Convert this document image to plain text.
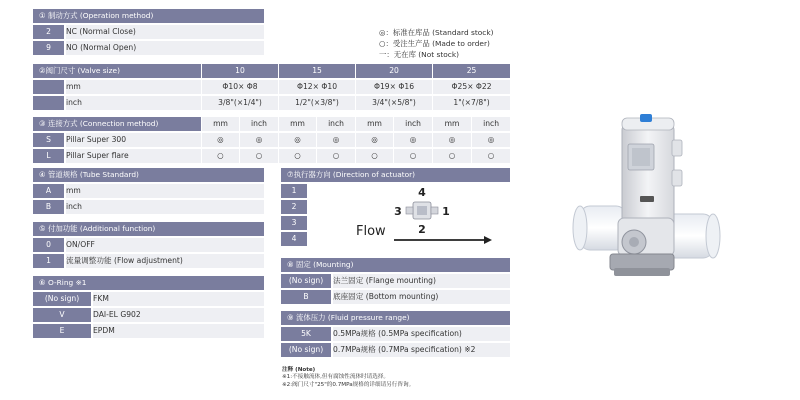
① 制动方式 (Operation method)	
2	NC (Normal Close)
9	NO (Normal Open)
◎：标准在库品 (Standard stock)
○：受注生产品 (Made to order)
一：无在库 (Not stock)
②阀门尺寸 (Valve size)		10		15		20		25	
	mm	Φ10× Φ8		Φ12× Φ10		Φ19× Φ16		Φ25× Φ22	
	inch	3/8"(×1/4")		1/2"(×3/8")		3/4"(×5/8")		1"(×7/8")	

③ 连接方式 (Connection method)		mm	inch	mm	inch	mm	inch	mm	inch
S	Pillar Super 300	◎	◎	◎	◎	◎	◎	◎	◎
L	Pillar Super flare	○	○	○	○	○	○	○	○
④ 管道规格 (Tube Standard)	
A	mm
B	inch
⑤ 付加功能 (Additional function)	
0	ON/OFF
1	流量调整功能 (Flow adjustment)
⑥ O-Ring ※1	
(No sign)	FKM
V	DAI-EL G902
E	EPDM
⑦执行器方向 (Direction of actuator)
1	
2
3
4
4
3	1
2
Flow
⑧ 固定 (Mounting)	
(No sign)	法兰固定 (Flange mounting)
B	底座固定 (Bottom mounting)
⑨ 流体压力 (Fluid pressure range)	
5K	0.5MPa规格 (0.5MPa specification)
(No sign)	0.7MPa规格 (0.7MPa specification) ※2
注释 (Note)
※1:不接触流体,但有腐蚀性流体时请选择。
※2:阀门尺寸"25"的0.7MPa规格的详细请另行咨询。
